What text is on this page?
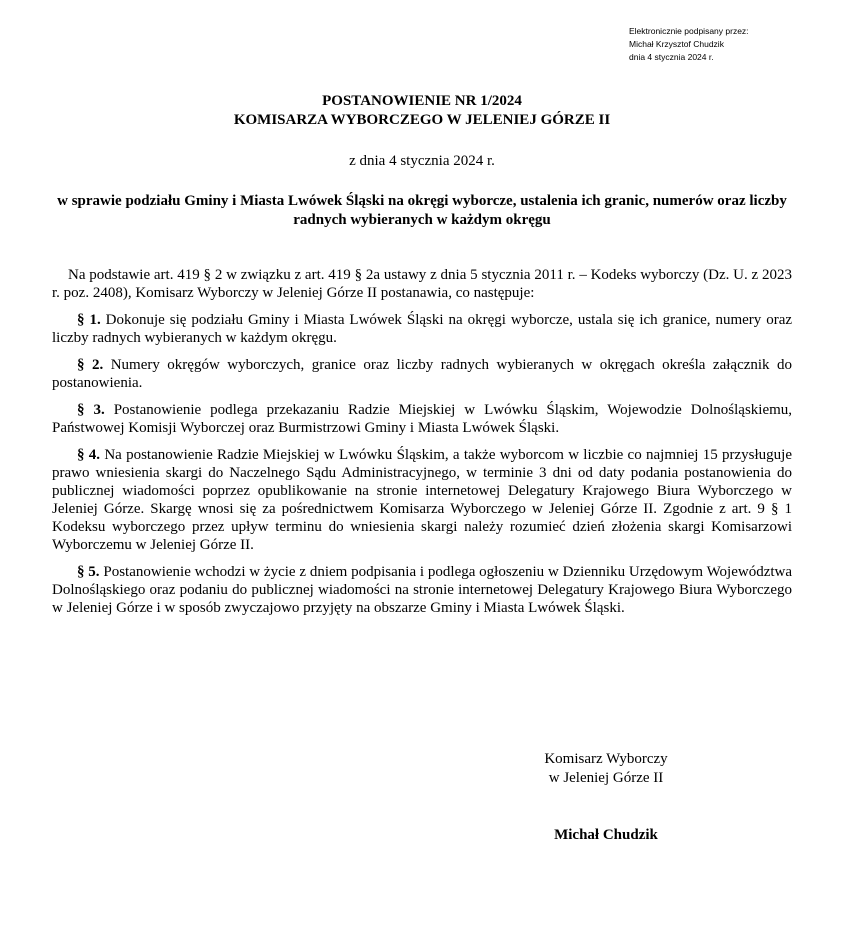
Elektronicznie podpisany przez:
Michał Krzysztof Chudzik
dnia 4 stycznia 2024 r.
POSTANOWIENIE NR 1/2024
KOMISARZA WYBORCZEGO W JELENIEJ GÓRZE II
z dnia 4 stycznia 2024 r.
w sprawie podziału Gminy i Miasta Lwówek Śląski na okręgi wyborcze, ustalenia ich granic, numerów oraz liczby radnych wybieranych w każdym okręgu

Na podstawie art. 419 § 2 w związku z art. 419 § 2a ustawy z dnia 5 stycznia 2011 r. – Kodeks wyborczy (Dz. U. z 2023 r. poz. 2408), Komisarz Wyborczy w Jeleniej Górze II postanawia, co następuje:

§ 1. Dokonuje się podziału Gminy i Miasta Lwówek Śląski na okręgi wyborcze, ustala się ich granice, numery oraz liczby radnych wybieranych w każdym okręgu.

§ 2. Numery okręgów wyborczych, granice oraz liczby radnych wybieranych w okręgach określa załącznik do postanowienia.

§ 3. Postanowienie podlega przekazaniu Radzie Miejskiej w Lwówku Śląskim, Wojewodzie Dolnośląskiemu, Państwowej Komisji Wyborczej oraz Burmistrzowi Gminy i Miasta Lwówek Śląski.

§ 4. Na postanowienie Radzie Miejskiej w Lwówku Śląskim, a także wyborcom w liczbie co najmniej 15 przysługuje prawo wniesienia skargi do Naczelnego Sądu Administracyjnego, w terminie 3 dni od daty podania postanowienia do publicznej wiadomości poprzez opublikowanie na stronie internetowej Delegatury Krajowego Biura Wyborczego w Jeleniej Górze. Skargę wnosi się za pośrednictwem Komisarza Wyborczego w Jeleniej Górze II. Zgodnie z art. 9 § 1 Kodeksu wyborczego przez upływ terminu do wniesienia skargi należy rozumieć dzień złożenia skargi Komisarzowi Wyborczemu w Jeleniej Górze II.

§ 5. Postanowienie wchodzi w życie z dniem podpisania i podlega ogłoszeniu w Dzienniku Urzędowym Województwa Dolnośląskiego oraz podaniu do publicznej wiadomości na stronie internetowej Delegatury Krajowego Biura Wyborczego w Jeleniej Górze i w sposób zwyczajowo przyjęty na obszarze Gminy i Miasta Lwówek Śląski.

Komisarz Wyborczy
w Jeleniej Górze II
Michał Chudzik
